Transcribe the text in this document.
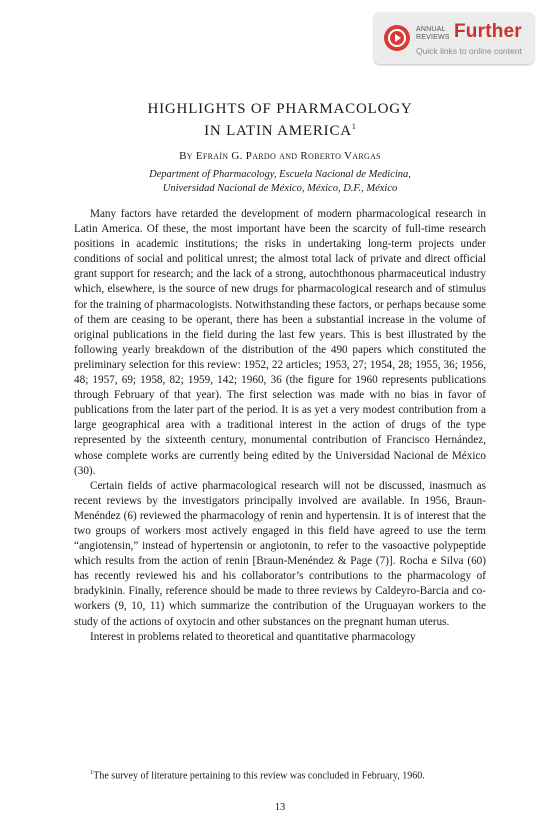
ANNUAL
REVIEWS Further
Quick links to online content
HIGHLIGHTS OF PHARMACOLOGY
IN LATIN AMERICA$^1$
By Efraín G. Pardo and Roberto Vargas
Department of Pharmacology, Escuela Nacional de Medicina,
Universidad Nacional de México, México, D.F., México

Many factors have retarded the development of modern pharmacological research in Latin America. Of these, the most important have been the scarcity of full-time research positions in academic institutions; the risks in undertaking long-term projects under conditions of social and political unrest; the almost total lack of private and direct official grant support for research; and the lack of a strong, autochthonous pharmaceutical industry which, elsewhere, is the source of new drugs for pharmacological research and of stimulus for the training of pharmacologists. Notwithstanding these factors, or perhaps because some of them are ceasing to be operant, there has been a substantial increase in the volume of original publications in the field during the last few years. This is best illustrated by the following yearly breakdown of the distribution of the 490 papers which constituted the preliminary selection for this review: 1952, 22 articles; 1953, 27; 1954, 28; 1955, 36; 1956, 48; 1957, 69; 1958, 82; 1959, 142; 1960, 36 (the figure for 1960 represents publications through February of that year). The first selection was made with no bias in favor of publications from the later part of the period. It is as yet a very modest contribution from a large geographical area with a traditional interest in the action of drugs of the type represented by the sixteenth century, monumental contribution of Francisco Hernández, whose complete works are currently being edited by the Universidad Nacional de México (30).

Certain fields of active pharmacological research will not be discussed, inasmuch as recent reviews by the investigators principally involved are available. In 1956, Braun-Menéndez (6) reviewed the pharmacology of renin and hypertensin. It is of interest that the two groups of workers most actively engaged in this field have agreed to use the term “angiotensin,” instead of hypertensin or angiotonin, to refer to the vasoactive polypeptide which results from the action of renin [Braun-Menéndez & Page (7)]. Rocha e Silva (60) has recently reviewed his and his collaborator’s contributions to the pharmacology of bradykinin. Finally, reference should be made to three reviews by Caldeyro-Barcia and co-workers (9, 10, 11) which summarize the contribution of the Uruguayan workers to the study of the actions of oxytocin and other substances on the pregnant human uterus.

Interest in problems related to theoretical and quantitative pharmacology

$^1$The survey of literature pertaining to this review was concluded in February, 1960.

13
